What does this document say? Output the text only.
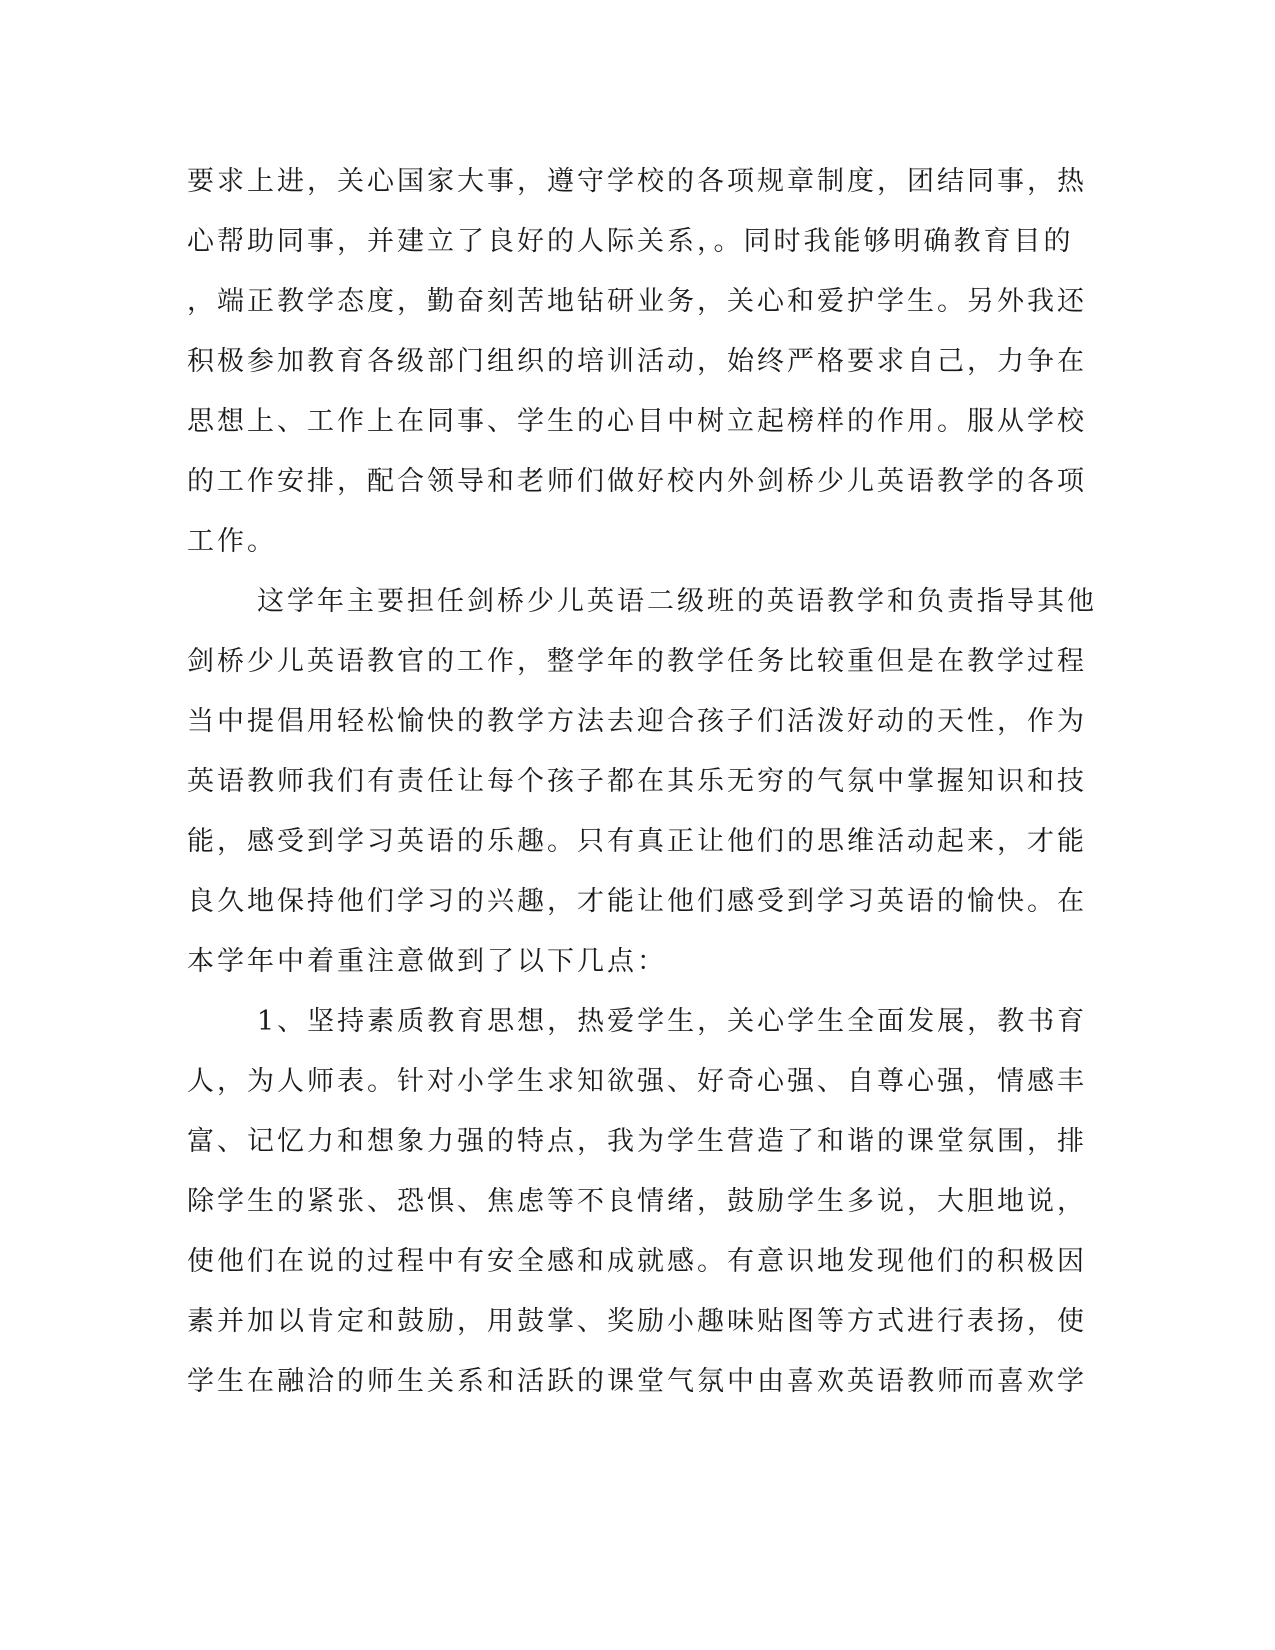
要求上进，关心国家大事，遵守学校的各项规章制度，团结同事，热
心帮助同事，并建立了良好的人际关系，。同时我能够明确教育目的
，端正教学态度，勤奋刻苦地钻研业务，关心和爱护学生。另外我还
积极参加教育各级部门组织的培训活动，始终严格要求自己，力争在
思想上、工作上在同事、学生的心目中树立起榜样的作用。服从学校
的工作安排，配合领导和老师们做好校内外剑桥少儿英语教学的各项
工作。
这学年主要担任剑桥少儿英语二级班的英语教学和负责指导其他
剑桥少儿英语教官的工作，整学年的教学任务比较重但是在教学过程
当中提倡用轻松愉快的教学方法去迎合孩子们活泼好动的天性，作为
英语教师我们有责任让每个孩子都在其乐无穷的气氛中掌握知识和技
能，感受到学习英语的乐趣。只有真正让他们的思维活动起来，才能
良久地保持他们学习的兴趣，才能让他们感受到学习英语的愉快。在
本学年中着重注意做到了以下几点：
1、坚持素质教育思想，热爱学生，关心学生全面发展，教书育
人，为人师表。针对小学生求知欲强、好奇心强、自尊心强，情感丰
富、记忆力和想象力强的特点，我为学生营造了和谐的课堂氛围，排
除学生的紧张、恐惧、焦虑等不良情绪，鼓励学生多说，大胆地说，
使他们在说的过程中有安全感和成就感。有意识地发现他们的积极因
素并加以肯定和鼓励，用鼓掌、奖励小趣味贴图等方式进行表扬，使
学生在融洽的师生关系和活跃的课堂气氛中由喜欢英语教师而喜欢学
